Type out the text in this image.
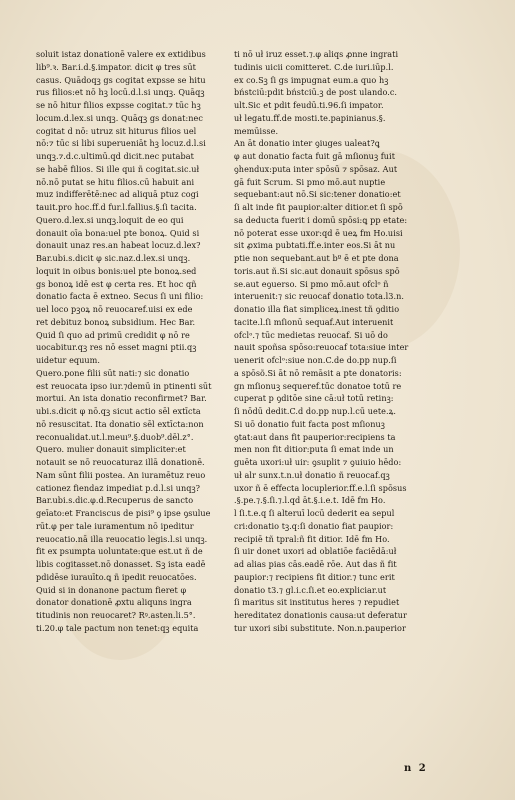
soluit istaz donationē valere ex extidibus
lib⁹.ꝛ. Bar.i.d.§.impator. dicit φ tres sūt
casus. Quādoqꝫ gs cogitat expsse se hitu
rus filios:et nō hꝫ locū.d.l.si unqꝫ. Quāqꝫ
se nō hitur filios expsse cogitat.⁊ tūc hꝫ
locum.d.lex.si unqꝫ. Quāqꝫ gs donat:nec
cogitat d nō: utruz sit hiturus filios uel
nō:⁊ tūc si libi superueniāt hꝫ locuz.d.l.si
unqꝫ.⁊.d.c.ultimū.qd dicit.nec putabat
se habē filios. Si ille qui ñ cogitat.sic.uł
nō.nō putat se hitu filios.cū habuit ani
muz indifferētē:nec ad aliquā ptuz cogi
tauit.pro hoc.ff.d fur.l.fallius.§.ſi tacita.
Quero.d.lex.si unqꝫ.loquit de eo qui
donauit oīa bona:uel pte bonoꝝ. Quid si
donauit unaz res.an habeat locuz.d.lex?
Bar.ubi.s.dicit φ sic.naz.d.lex.si unqꝫ.
loquit in oibus bonis:uel pte bonoꝝ.sed
gs bonoꝝ idē est φ certa res. Et hoc qñ
donatio facta ē extneo. Secus ſi uni filio:
uel loco pꝫoꝝ nō reuocaref.uisi ex ede
ret debituz bonoꝝ subsidium. Hec Bar.
Quid ſi quo ad primū credidit φ nō re
uocabitur.qꝫ res nō esset magni ptii.qꝫ
uidetur equum.
Quero.pone filii sūt nati:⁊ sic donatio
est reuocata ipso iur.⁊demū in ptinenti sūt
mortui. An ista donatio reconfirmet? Bar.
ubi.s.dicit φ nō.qꝫ sicut actio sēl extīcta
nō resuscitat. Ita donatio sēl extīcta:non
reconualidat.ut.l.meuı⁹.§.duob⁹.dēl.z°.
Quero. mulier donauit simpliciter:et
notauit se nō reuocaturaz illā donationē.
Nam sūnt filii postea. An iuramētuz reuo
cationez fiendaz impediat p.d.l.si unqꝫ?
Bar.ubi.s.dic.φ.d.Recuperus de sancto
geīato:et Franciscus de pisi⁹ ꝯ ipse ꝯsulue
rūt.φ per tale iuramentum nō ipeditur
reuocatio.nā illa reuocatio legis.l.si unqꝫ.
fit ex psumpta uoluntate:que est.ut ñ de
libis cogitasset.nō donasset. Sꝫ ista eadē
pdidēse iurauīto.ꝗ ñ ipedit reuocatōes.
Quid si in donanone pactum fieret φ
donator donationē ꝓxtu aliquns ingra
titudinis non reuocaret? Rꝰ.asten.li.5°.
ti.20.φ tale pactum non tenet:qꝫ equita
ti nō uł iruz esset.⁊.φ aliqs ꝓnne ingrati
tudinis uicii comitteret. C.de iuri.iūp.l.
ex co.Sꝫ ſi gs impugnat eum.a quo hꝫ
bństciū:pdit bństciū.ꝫ de post ulando.c.
ult.Sic et pdit feudū.ti.96.ſi impator.
uł legatu.ff.de mosti.te.papinianus.§.
memūisse.
An āt donatio inter ꝯiuges ualeat?ꝗ
φ aut donatio facta fuit gā mſionuꝫ fuit
ꝯhendux:puta inter spōsū ⁊ spōsaz. Aut
gā fuit Scrum. Si pmo mō.aut nuptie
sequebant:aut nō.Si sic:tener donatio:et
ſi alt inde fit paupior:alter ditior.et ſi spō
sa deducta fuerit i domū spōsi:ꝗ pp etate:
nō poterat esse uxor:qd ē ueꝝ fm Ho.uisi
sit ꝓxima pubtati.ff.e.inter eos.Si āt nu
ptie non sequebant.aut bº ē et pte dona
toris.aut ñ.Si sic.aut donauit spōsus spō
se.aut eꝯuerso. Si pmo mō.aut ofclᵒ ñ
interuenit:⁊ sic reuocaf donatio tota.l3.n.
donatio illa fiat simpliceꝝ.inest tñ ꝯditio
tacite.l.ſi mſionū sequaf.Aut interuenit
ofclᵒ.⁊ tūc medietas reuocaf. Si uō do
nauit spoñsa spōso:reuocaf tota:siue inter
uenerit ofclᵒ:siue non.C.de do.pp nup.ſi
a spōsõ.Si āt nō remāsit a pte donatoris:
gn mſionuꝫ sequeref.tūc donatoe totū re
cuperat p ꝯditōe sine cā:uł totū retinꝫ:
ſi nōdū dedit.C.d do.pp nup.l.cū uete.ꝝ.
Si uō donatio fuit facta post mſionuꝫ
ꝯtat:aut dans fit pauperior:recipiens ta
men non fit ditior:puta ſi emat inde un
guēta uxori:uł uir: ꝯsuplit ⁊ ꝯuiuio hēdo:
uł alr sunx.t.n.uł donatio ñ reuocaf.qꝫ
uxor ñ ē effecta locuplerior.ff.e.l.ſi spōsus
.§.pe.⁊.§.ſi.⁊.l.qd āt.§.i.e.t. Idē fm Ho.
l ſi.t.e.q ſi alteruī locū dederit ea sepul
cri:donatio tꝫ.q:ſi donatio fiat paupior:
recipiē tñ tpral:ñ fit ditior. Idē fm Ho.
ſi uir donet uxori ad oblatiōe faciēdā:uł
ad alias pias cās.eadē rōe. Aut das ñ fit
paupior:⁊ recipiens fit ditior.⁊ tunc erit
donatio t3.⁊ gl.i.c.ſi.et eo.expliciar.ut
ſi maritus sit institutus heres ⁊ repudiet
hereditatez donationis causa:ut deferatur
tur uxori sibi substitute. Non.n.pauperior
n 2
